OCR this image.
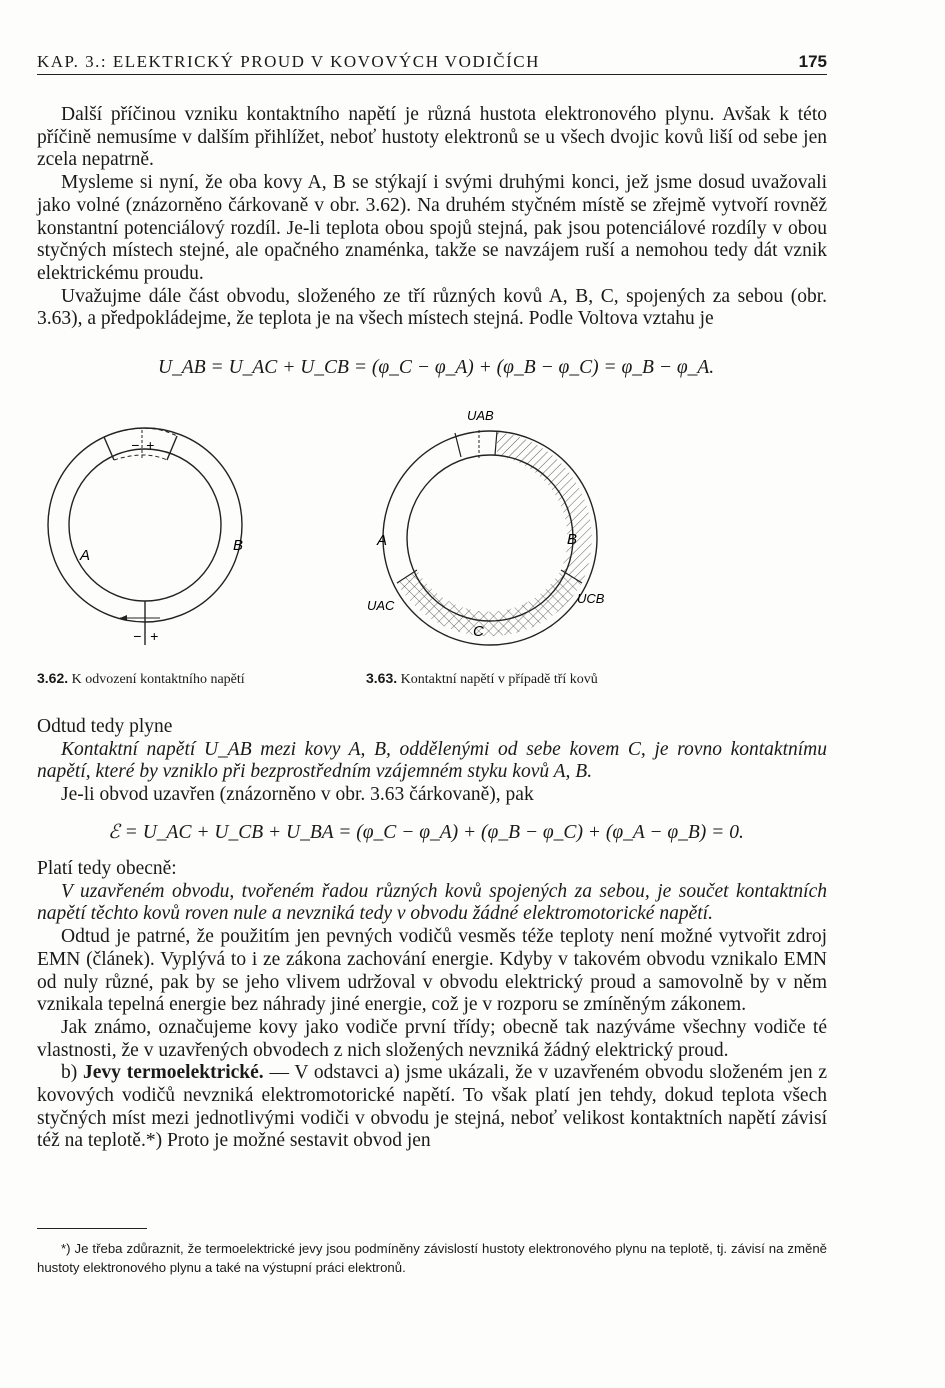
KAP. 3.: ELEKTRICKÝ PROUD V KOVOVÝCH VODIČÍCH	175

Další příčinou vzniku kontaktního napětí je různá hustota elektronového plynu. Avšak k této příčině nemusíme v dalším přihlížet, neboť hustoty elektronů se u všech dvojic kovů liší od sebe jen zcela nepatrně.

Mysleme si nyní, že oba kovy A, B se stýkají i svými druhými konci, jež jsme dosud uvažovali jako volné (znázorněno čárkovaně v obr. 3.62). Na druhém styčném místě se zřejmě vytvoří rovněž konstantní potenciálový rozdíl. Je-li teplota obou spojů stejná, pak jsou potenciálové rozdíly v obou styčných místech stejné, ale opačného znaménka, takže se navzájem ruší a nemohou tedy dát vznik elektrickému proudu.

Uvažujme dále část obvodu, složeného ze tří různých kovů A, B, C, spojených za sebou (obr. 3.63), a předpokládejme, že teplota je na všech místech stejná. Podle Voltova vztahu je

U_AB = U_AC + U_CB = (φ_C − φ_A) + (φ_B − φ_C) = φ_B − φ_A.
A
B
− +
− +
3.62. K odvození kontaktního napětí
UAB
A	B
C
UCB
UAC
3.63. Kontaktní napětí v případě tří kovů

Odtud tedy plyne

Kontaktní napětí U_AB mezi kovy A, B, oddělenými od sebe kovem C, je rovno kontaktnímu napětí, které by vzniklo při bezprostředním vzájemném styku kovů A, B.

Je-li obvod uzavřen (znázorněno v obr. 3.63 čárkovaně), pak

ℰ = U_AC + U_CB + U_BA = (φ_C − φ_A) + (φ_B − φ_C) + (φ_A − φ_B) = 0.

Platí tedy obecně:

V uzavřeném obvodu, tvořeném řadou různých kovů spojených za sebou, je součet kontaktních napětí těchto kovů roven nule a nevzniká tedy v obvodu žádné elektromotorické napětí.

Odtud je patrné, že použitím jen pevných vodičů vesměs téže teploty není možné vytvořit zdroj EMN (článek). Vyplývá to i ze zákona zachování energie. Kdyby v takovém obvodu vznikalo EMN od nuly různé, pak by se jeho vlivem udržoval v obvodu elektrický proud a samovolně by v něm vznikala tepelná energie bez náhrady jiné energie, což je v rozporu se zmíněným zákonem.

Jak známo, označujeme kovy jako vodiče první třídy; obecně tak nazýváme všechny vodiče té vlastnosti, že v uzavřených obvodech z nich složených nevzniká žádný elektrický proud.

b) Jevy termoelektrické. — V odstavci a) jsme ukázali, že v uzavřeném obvodu složeném jen z kovových vodičů nevzniká elektromotorické napětí. To však platí jen tehdy, dokud teplota všech styčných míst mezi jednotlivými vodiči v obvodu je stejná, neboť velikost kontaktních napětí závisí též na teplotě.*) Proto je možné sestavit obvod jen

*) Je třeba zdůraznit, že termoelektrické jevy jsou podmíněny závislostí hustoty elektronového plynu na teplotě, tj. závisí na změně hustoty elektronového plynu a také na výstupní práci elektronů.
